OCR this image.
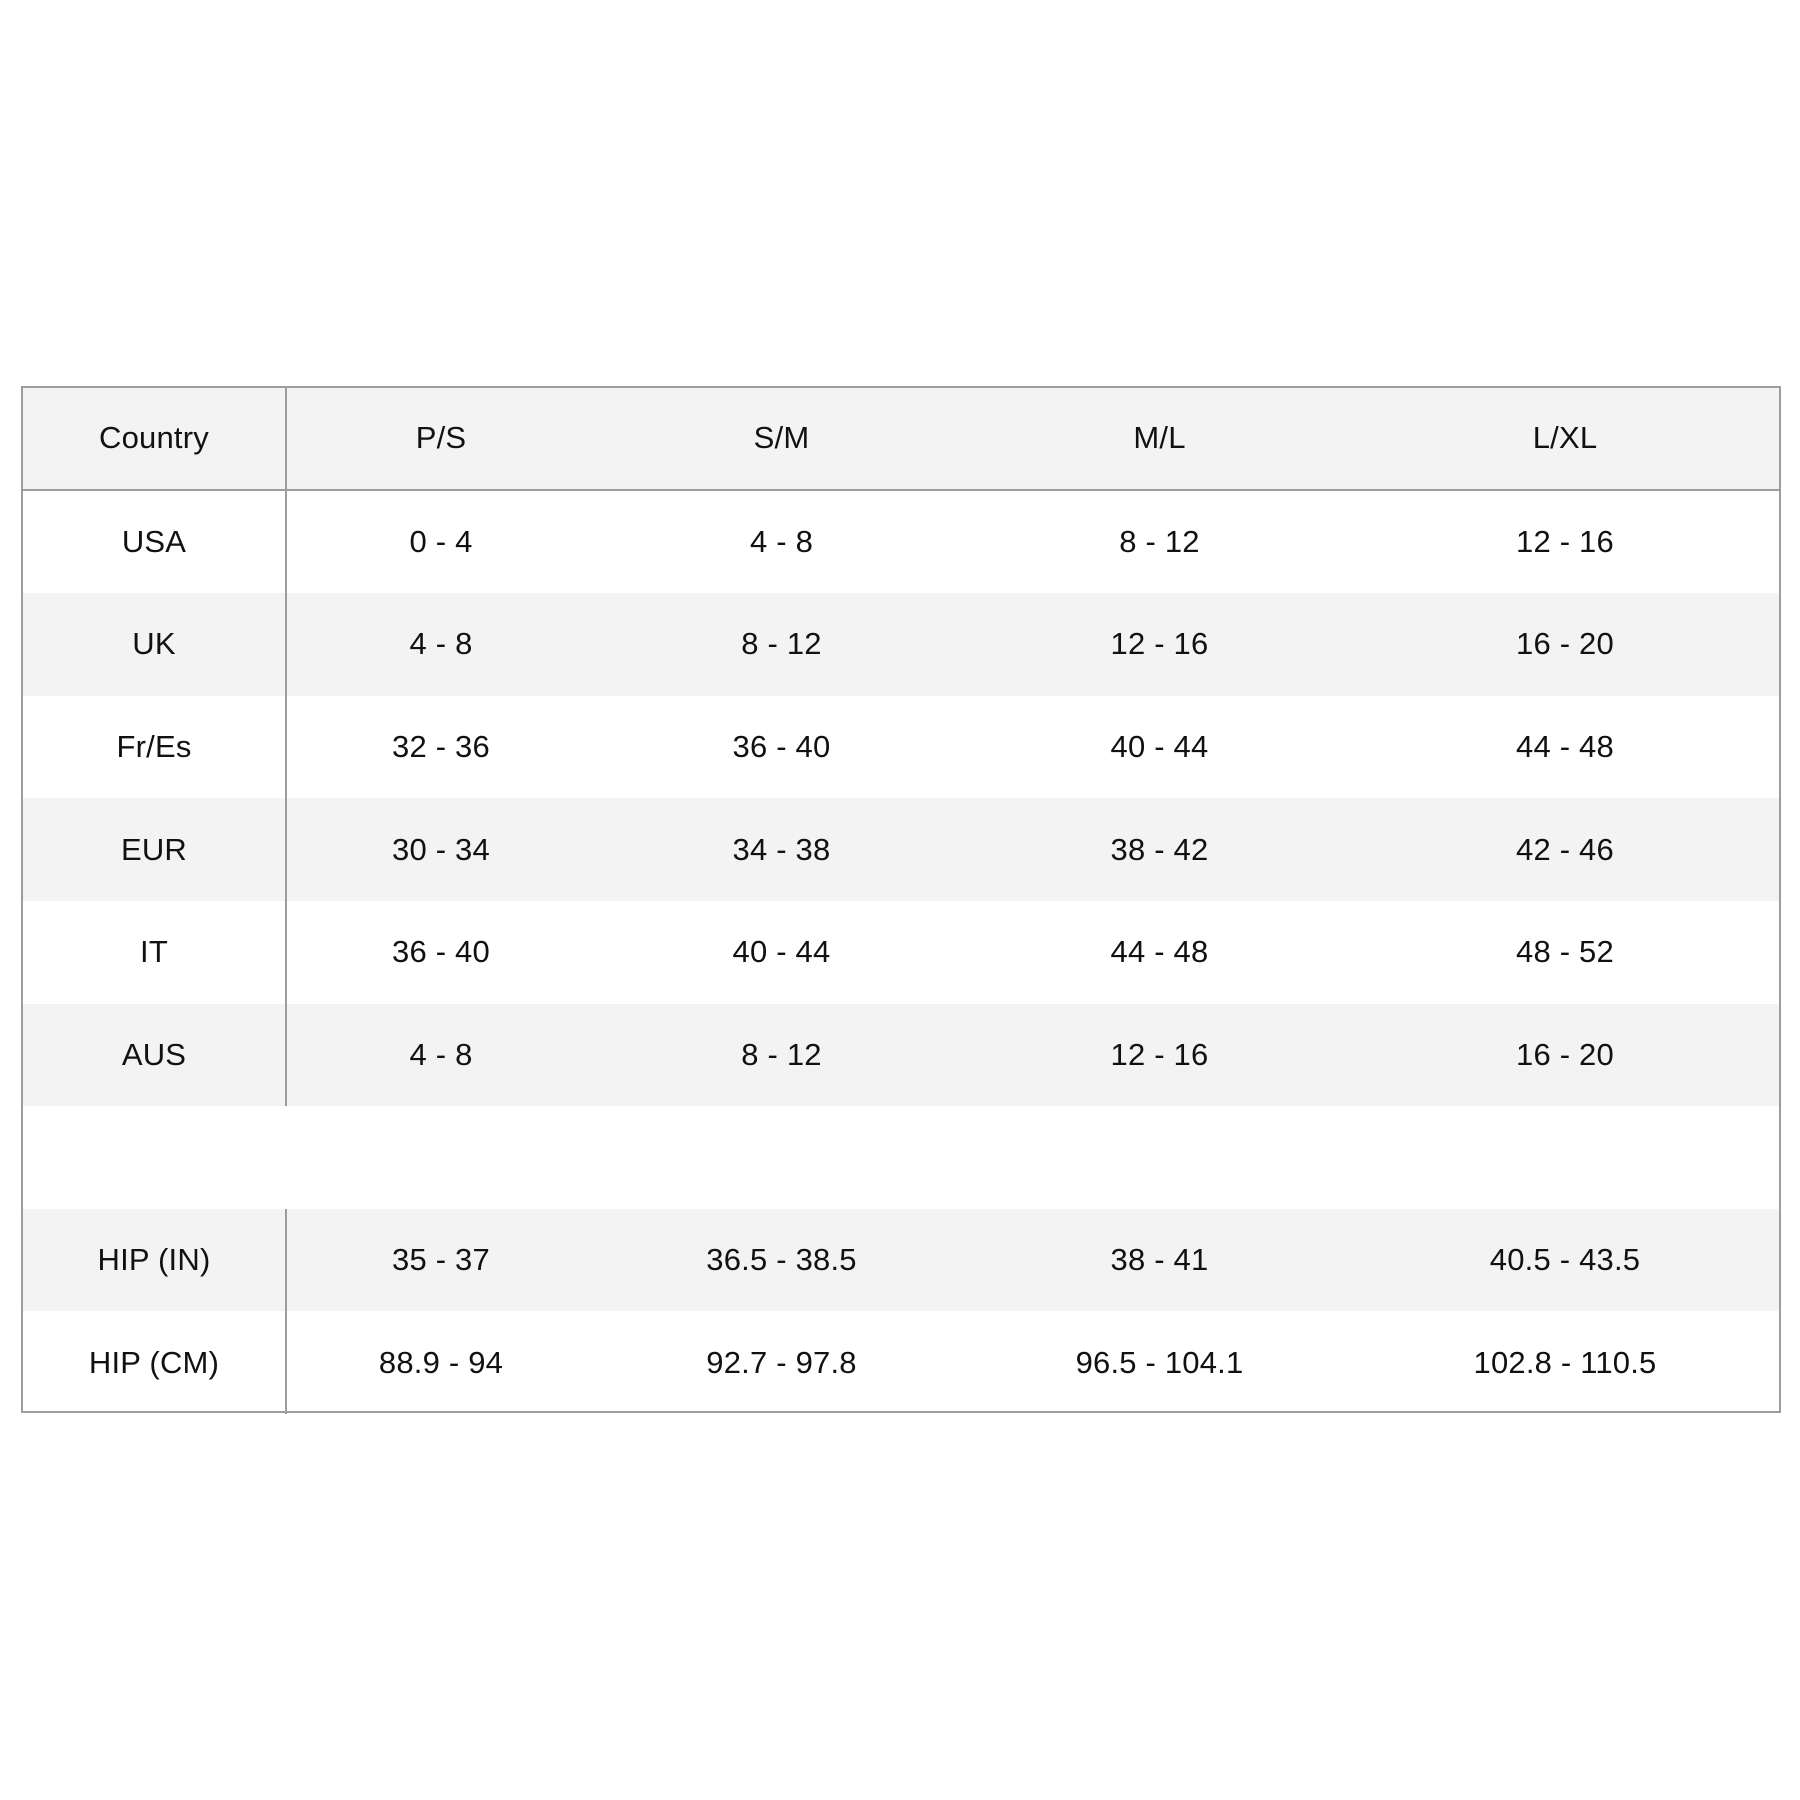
Country	P/S	S/M	M/L	L/XL
USA	0 - 4	4 - 8	8 - 12	12 - 16
UK	4 - 8	8 - 12	12 - 16	16 - 20
Fr/Es	32 - 36	36 - 40	40 - 44	44 - 48
EUR	30 - 34	34 - 38	38 - 42	42 - 46
IT	36 - 40	40 - 44	44 - 48	48 - 52
AUS	4 - 8	8 - 12	12 - 16	16 - 20
HIP (IN)	35 - 37	36.5 - 38.5	38 - 41	40.5 - 43.5
HIP (CM)	88.9 - 94	92.7 - 97.8	96.5 - 104.1	102.8 - 110.5
